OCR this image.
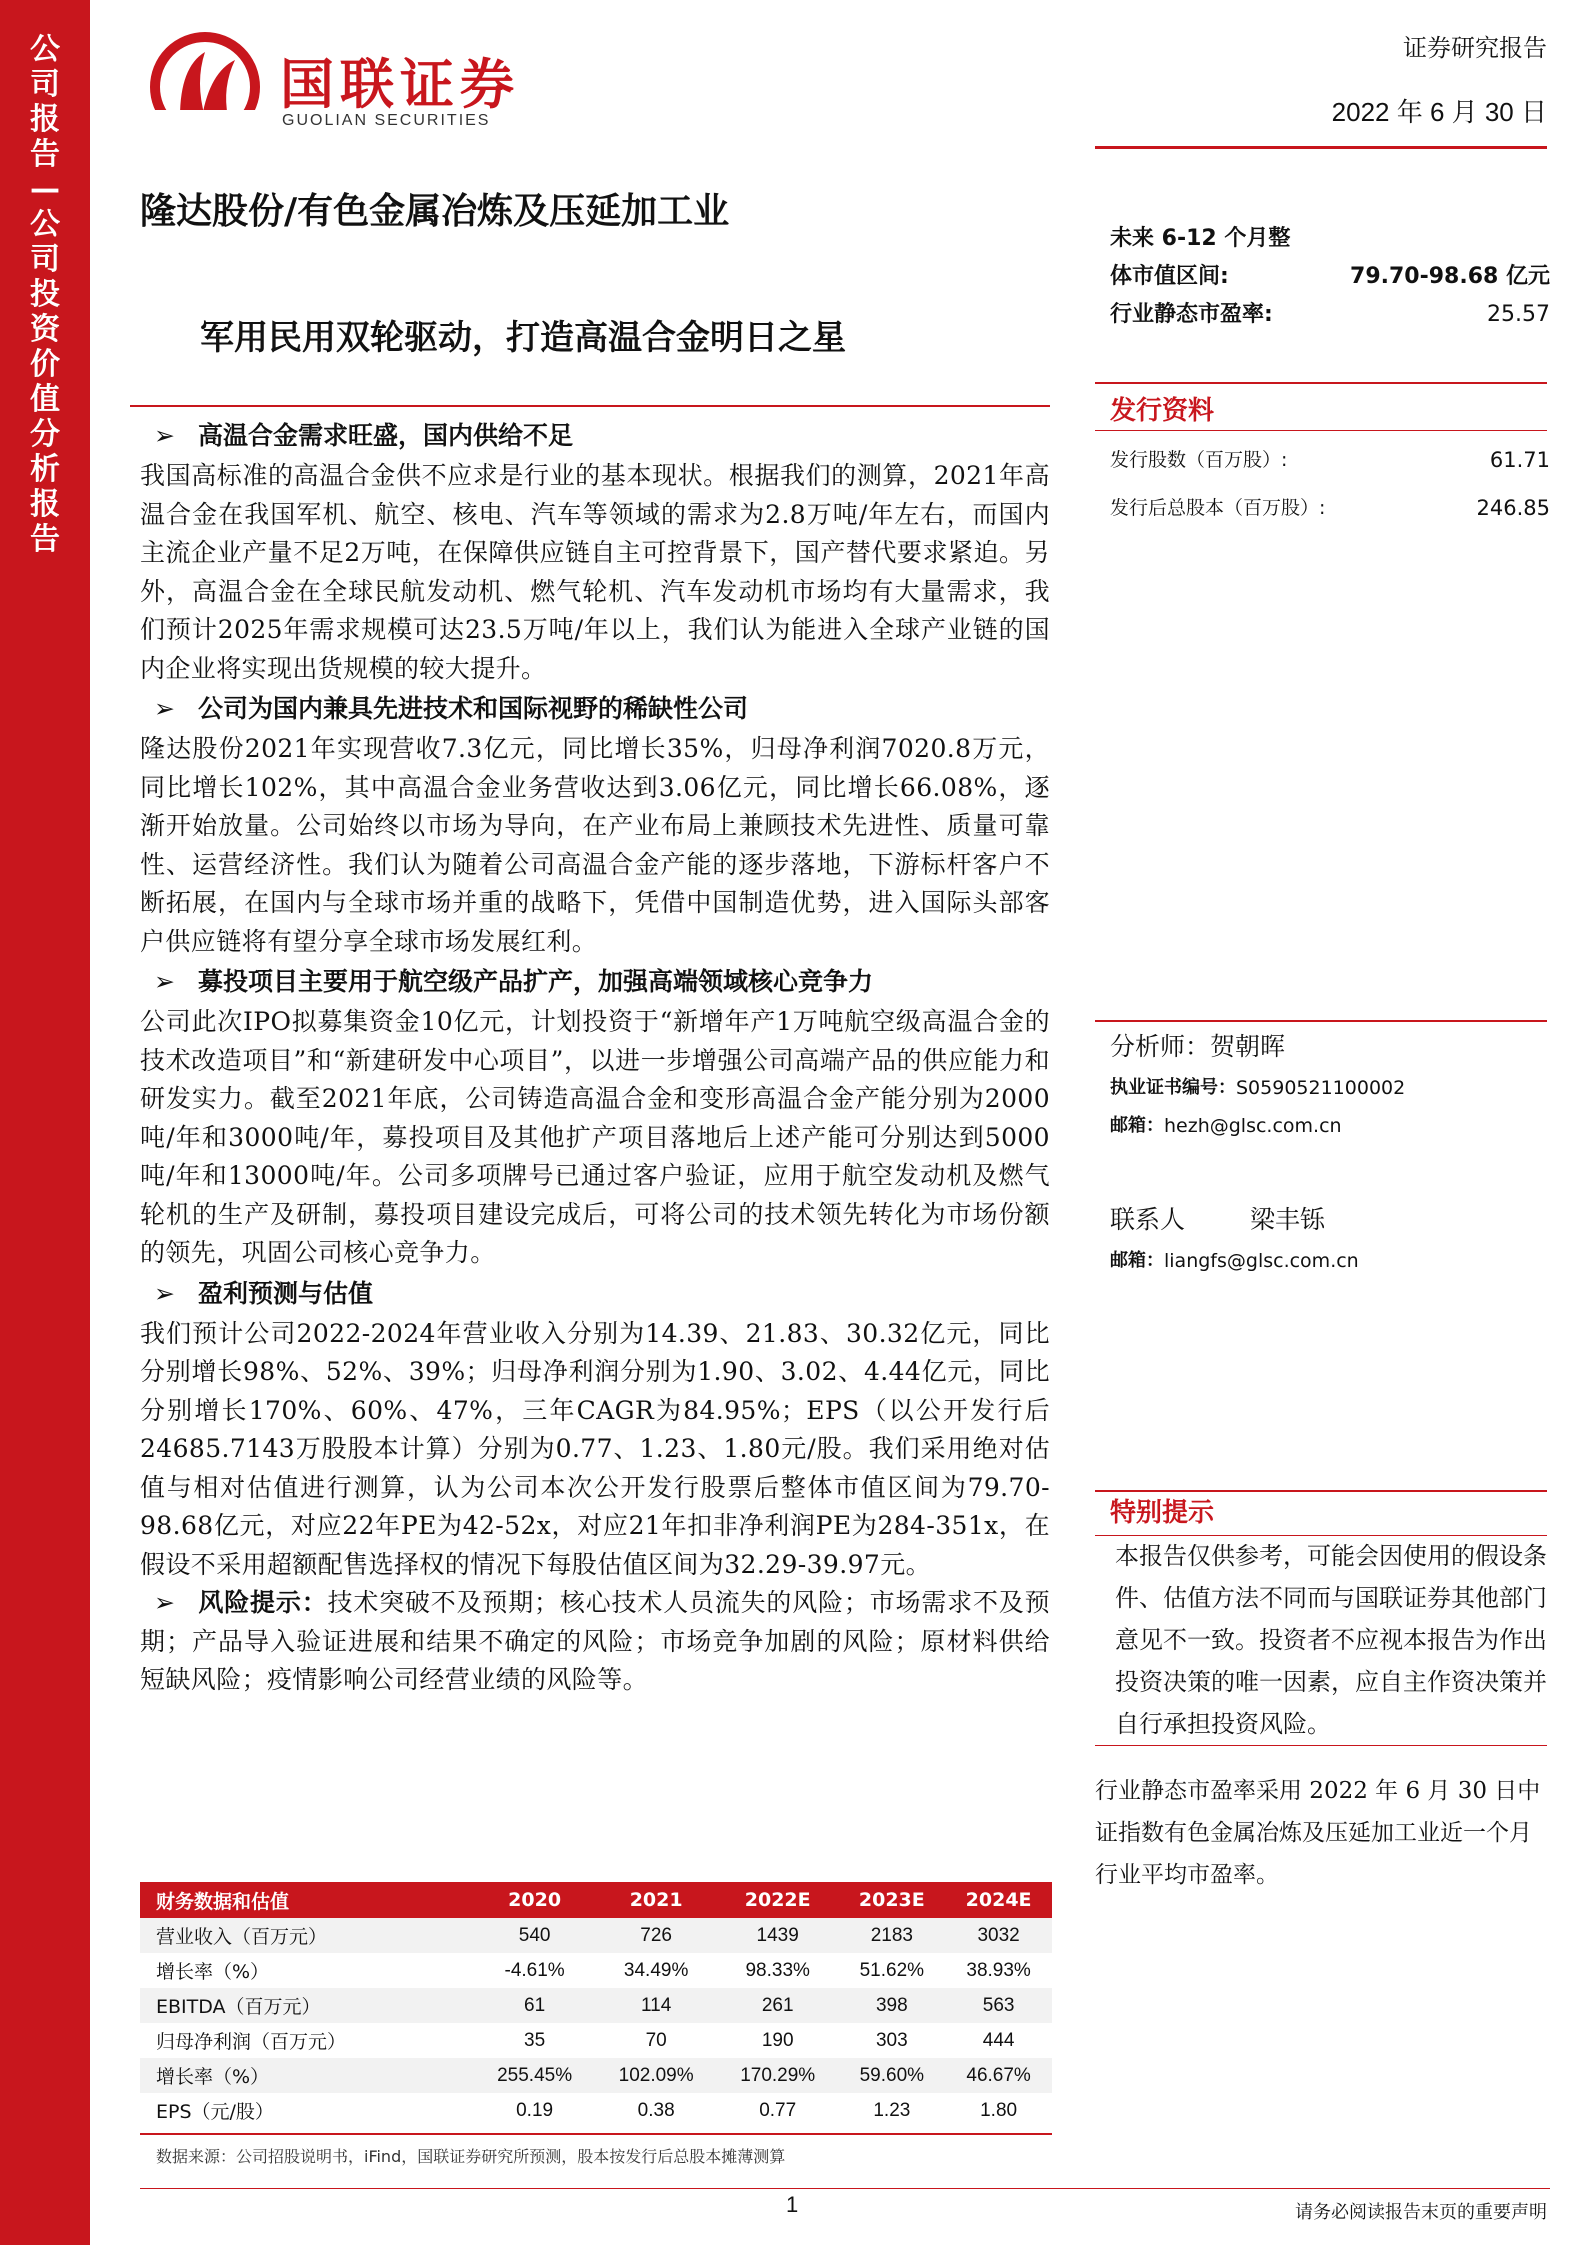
公司报告—公司投资价值分析报告
国联证券
GUOLIAN SECURITIES
证券研究报告
2022 年 6 月 30 日
隆达股份/有色金属冶炼及压延加工业
军用民用双轮驱动，打造高温合金明日之星
➢ 高温合金需求旺盛，国内供给不足
我国高标准的高温合金供不应求是行业的基本现状。根据我们的测算，2021年高温合金在我国军机、航空、核电、汽车等领域的需求为2.8万吨/年左右，而国内主流企业产量不足2万吨，在保障供应链自主可控背景下，国产替代要求紧迫。另外，高温合金在全球民航发动机、燃气轮机、汽车发动机市场均有大量需求，我们预计2025年需求规模可达23.5万吨/年以上，我们认为能进入全球产业链的国内企业将实现出货规模的较大提升。
➢ 公司为国内兼具先进技术和国际视野的稀缺性公司
隆达股份2021年实现营收7.3亿元，同比增长35%，归母净利润7020.8万元，同比增长102%，其中高温合金业务营收达到3.06亿元，同比增长66.08%，逐渐开始放量。公司始终以市场为导向，在产业布局上兼顾技术先进性、质量可靠性、运营经济性。我们认为随着公司高温合金产能的逐步落地，下游标杆客户不断拓展，在国内与全球市场并重的战略下，凭借中国制造优势，进入国际头部客户供应链将有望分享全球市场发展红利。
➢ 募投项目主要用于航空级产品扩产，加强高端领域核心竞争力
公司此次IPO拟募集资金10亿元，计划投资于“新增年产1万吨航空级高温合金的技术改造项目”和“新建研发中心项目”，以进一步增强公司高端产品的供应能力和研发实力。截至2021年底，公司铸造高温合金和变形高温合金产能分别为2000吨/年和3000吨/年，募投项目及其他扩产项目落地后上述产能可分别达到5000吨/年和13000吨/年。公司多项牌号已通过客户验证，应用于航空发动机及燃气轮机的生产及研制，募投项目建设完成后，可将公司的技术领先转化为市场份额的领先，巩固公司核心竞争力。
➢ 盈利预测与估值
我们预计公司2022-2024年营业收入分别为14.39、21.83、30.32亿元，同比分别增长98%、52%、39%；归母净利润分别为1.90、3.02、4.44亿元，同比分别增长170%、60%、47%，三年CAGR为84.95%；EPS（以公开发行后24685.7143万股股本计算）分别为0.77、1.23、1.80元/股。我们采用绝对估值与相对估值进行测算，认为公司本次公开发行股票后整体市值区间为79.70-98.68亿元，对应22年PE为42-52x，对应21年扣非净利润PE为284-351x，在假设不采用超额配售选择权的情况下每股估值区间为32.29-39.97元。
➢ 风险提示：技术突破不及预期；核心技术人员流失的风险；市场需求不及预期；产品导入验证进展和结果不确定的风险；市场竞争加剧的风险；原材料供给短缺风险；疫情影响公司经营业绩的风险等。
未来 6-12 个月整
体市值区间:	79.70-98.68 亿元
行业静态市盈率:	25.57
发行资料
发行股数（百万股）:	61.71
发行后总股本（百万股）:	246.85
分析师： 贺朝晖
执业证书编号： S0590521100002
邮箱： hezh@glsc.com.cn
联系人	梁丰铄
邮箱： liangfs@glsc.com.cn
特别提示
本报告仅供参考，可能会因使用的假设条件、估值方法不同而与国联证券其他部门意见不一致。投资者不应视本报告为作出投资决策的唯一因素，应自主作资决策并自行承担投资风险。
行业静态市盈率采用 2022 年 6 月 30 日中证指数有色金属冶炼及压延加工业近一个月行业平均市盈率。
财务数据和估值	2020	2021	2022E	2023E	2024E
营业收入（百万元）	540	726	1439	2183	3032
增长率（%）	-4.61%	34.49%	98.33%	51.62%	38.93%
EBITDA（百万元）	61	114	261	398	563
归母净利润（百万元）	35	70	190	303	444
增长率（%）	255.45%	102.09%	170.29%	59.60%	46.67%
EPS（元/股）	0.19	0.38	0.77	1.23	1.80
数据来源：公司招股说明书，iFind，国联证券研究所预测，股本按发行后总股本摊薄测算
1	请务必阅读报告末页的重要声明
